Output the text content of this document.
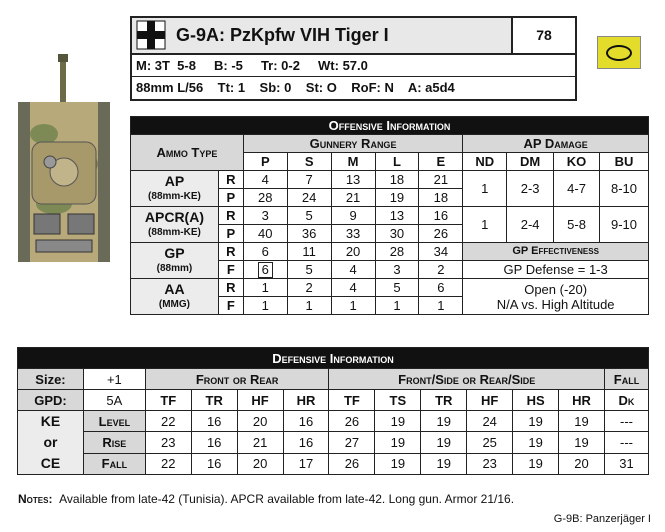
G-9A: PzKpfw VIH Tiger I	78
M: 3T  5-8     B: -5     Tr: 0-2     Wt: 57.0
88mm L/56    Tt: 1    Sb: 0    St: O    RoF: N    A: a5d4
Offensive Information										
Ammo Type		Gunnery Range					AP Damage			
		P	S	M	L	E	ND	DM	KO	BU

AP
(88mm-KE)	R	4	7	13	18	21	1	2-3	4-7	8-10
	P	28	24	21	19	18				

APCR(A)
(88mm-KE)	R	3	5	9	13	16	1	2-4	5-8	9-10
	P	40	36	33	30	26				

GP
(88mm)	R	6	11	20	28	34	GP Effectiveness			
	F	6	5	4	3	2	GP Defense = 1-3			

AA
(MMG)	R	1	2	4	5	6	Open (-20)
N/A vs. High Altitude			

	F	1	1	1	1	1				
Defensive Information												
Size:	+1	Front or Rear				Front/Side or Rear/Side						Fall
GPD:	5A	TF	TR	HF	HR	TF	TS	TR	HF	HS	HR	Dk

KE
or
CE	Level	22	16	20	16	26	19	19	24	19	19	---
	Rise	23	16	21	16	27	19	19	25	19	19	---
	Fall	22	16	20	17	26	19	19	23	19	20	31
Notes: Available from late-42 (Tunisia). APCR available from late-42. Long gun. Armor 21/16.
G-9B: Panzerjäger I
